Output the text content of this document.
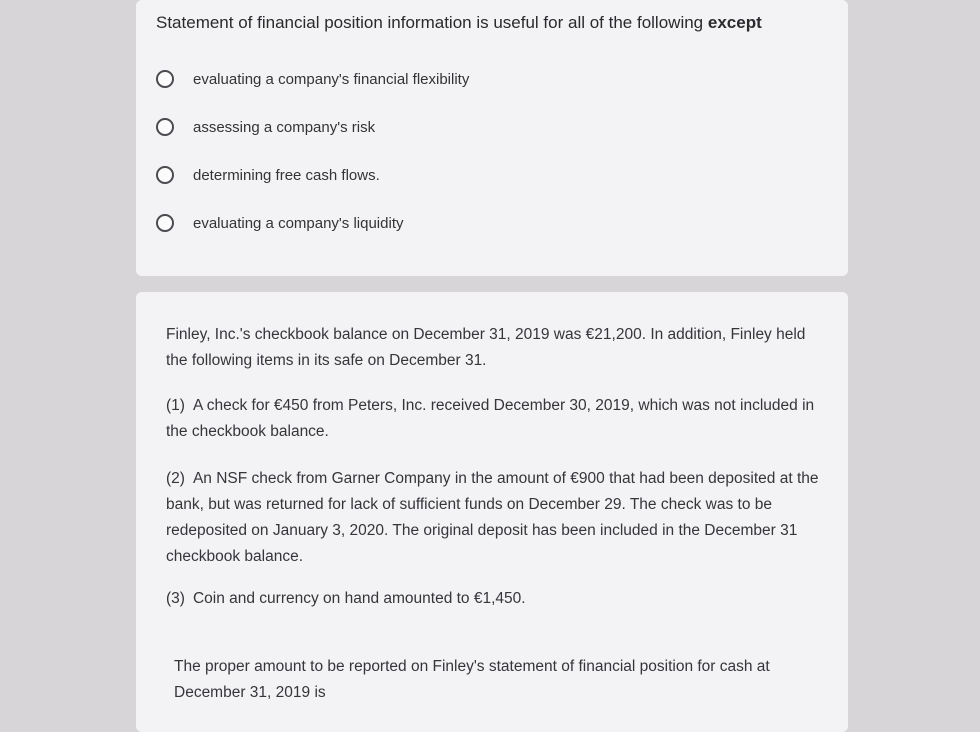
Statement of financial position information is useful for all of the following except
evaluating a company's financial flexibility
assessing a company's risk
determining free cash flows.
evaluating a company's liquidity
Finley, Inc.'s checkbook balance on December 31, 2019 was €21,200. In addition, Finley held the following items in its safe on December 31.
(1) A check for €450 from Peters, Inc. received December 30, 2019, which was not included in the checkbook balance.
(2) An NSF check from Garner Company in the amount of €900 that had been deposited at the bank, but was returned for lack of sufficient funds on December 29. The check was to be redeposited on January 3, 2020. The original deposit has been included in the December 31 checkbook balance.
(3) Coin and currency on hand amounted to €1,450.
The proper amount to be reported on Finley's statement of financial position for cash at December 31, 2019 is
